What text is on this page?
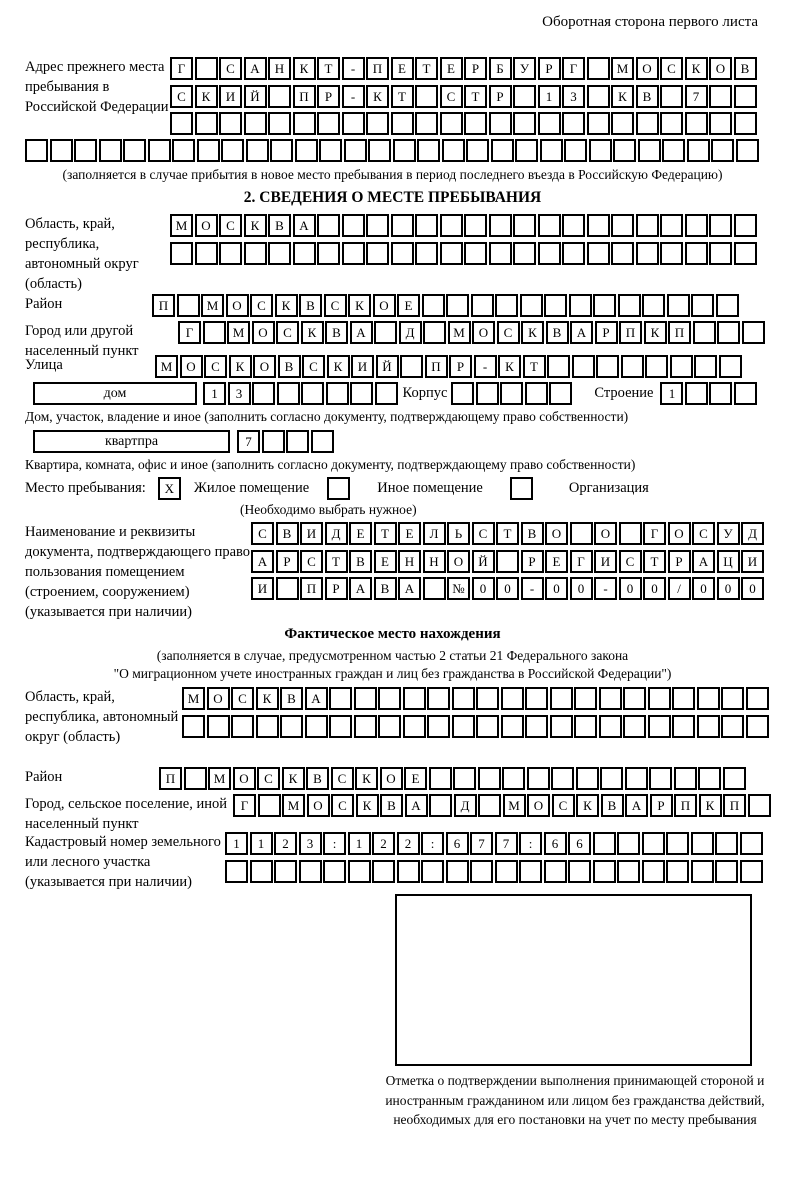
Оборотная сторона первого листа
Адрес прежнего места пребывания в Российской Федерации
Г	С	А	Н	К	Т	-	П	Е	Т	Е	Р	Б	У	Р	Г	М	О	С	К	О	В
С	К	И	Й	П	Р	-	К	Т	С	Т	Р	1	3	К	В	7
(заполняется в случае прибытия в новое место пребывания в период последнего въезда в Российскую Федерацию)
2. СВЕДЕНИЯ О МЕСТЕ ПРЕБЫВАНИЯ
Область, край, республика, автономный округ (область)
М	О	С	К	В	А
Район	П	М	О	С	К	В	С	К	О	Е
Город или другой населенный пункт
Г	М	О	С	К	В	А	Д	М	О	С	К	В	А	Р	П	К	П
Улица	М	О	С	К	О	В	С	К	И	Й	П	Р	-	К	Т
дом	1	3	Корпус	Строение	1
Дом, участок, владение и иное (заполнить согласно документу, подтверждающему право собственности)
квартпра	7
Квартира, комната, офис и иное (заполнить согласно документу, подтверждающему право собственности)
Место пребывания:	X	Жилое помещение	Иное помещение	Организация
(Необходимо выбрать нужное)
Наименование и реквизиты документа, подтверждающего право пользования помещением (строением, сооружением) (указывается при наличии)
С	В	И	Д	Е	Т	Е	Л	Ь	С	Т	В	О	О	Г	О	С	У	Д
А	Р	С	Т	В	Е	Н	Н	О	Й	Р	Е	Г	И	С	Т	Р	А	Ц	И
И	П	Р	А	В	А	№	0	0	-	0	0	-	0	0	/	0	0	0
Фактическое место нахождения
(заполняется в случае, предусмотренном частью 2 статьи 21 Федерального закона
"О миграционном учете иностранных граждан и лиц без гражданства в Российской Федерации")
Область, край, республика, автономный округ (область)
М	О	С	К	В	А
Район	П	М	О	С	К	В	С	К	О	Е
Город, сельское поселение, иной населенный пункт
Г	М	О	С	К	В	А	Д	М	О	С	К	В	А	Р	П	К	П
Кадастровый номер земельного или лесного участка (указывается при наличии)
1	1	2	3	:	1	2	2	:	6	7	7	:	6	6
Отметка о подтверждении выполнения принимающей стороной и иностранным гражданином или лицом без гражданства действий, необходимых для его постановки на учет по месту пребывания
